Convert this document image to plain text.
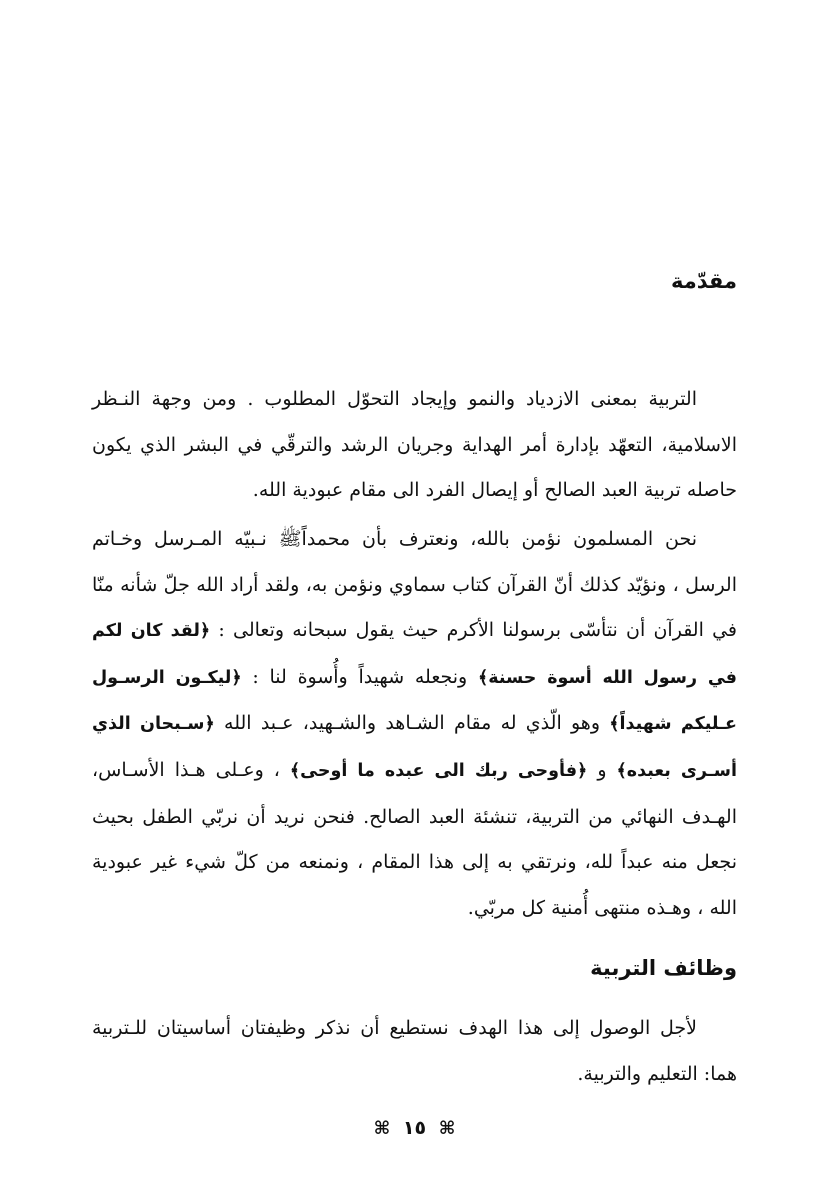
مقدّمة

التربية بمعنى الازدياد والنمو وإيجاد التحوّل المطلوب . ومن وجهة النـظر الاسلامية، التعهّد بإدارة أمر الهداية وجريان الرشد والترقّي في البشر الذي يكون حاصله تربية العبد الصالح أو إيصال الفرد الى مقام عبودية الله.

نحن المسلمون نؤمن بالله، ونعترف بأن محمداًﷺ نـبيّه المـرسل وخـاتم الرسل ، ونؤيّد كذلك أنّ القرآن كتاب سماوي ونؤمن به، ولقد أراد الله جلّ شأنه منّا في القرآن أن نتأسّى برسولنا الأكرم حيث يقول سبحانه وتعالى : ﴿لقد كان لكم في رسول الله أسوة حسنة﴾ ونجعله شهيداً وأُسوة لنا : ﴿ليكـون الرسـول عـليكم شهيداً﴾ وهو الّذي له مقام الشـاهد والشـهيد، عـبد الله ﴿سـبحان الذي أسـرى بعبده﴾ و ﴿فأوحى ربك الى عبده ما أوحى﴾ ، وعـلى هـذا الأسـاس، الهـدف النهائي من التربية، تنشئة العبد الصالح. فنحن نريد أن نربّي الطفل بحيث نجعل منه عبداً لله، ونرتقي به إلى هذا المقام ، ونمنعه من كلّ شيء غير عبودية الله ، وهـذه منتهى أُمنية كل مربّي.

وظائف التربية

لأجل الوصول إلى هذا الهدف نستطيع أن نذكر وظيفتان أساسيتان للـتربية هما: التعليم والتربية.

⌘ ١٥ ⌘
